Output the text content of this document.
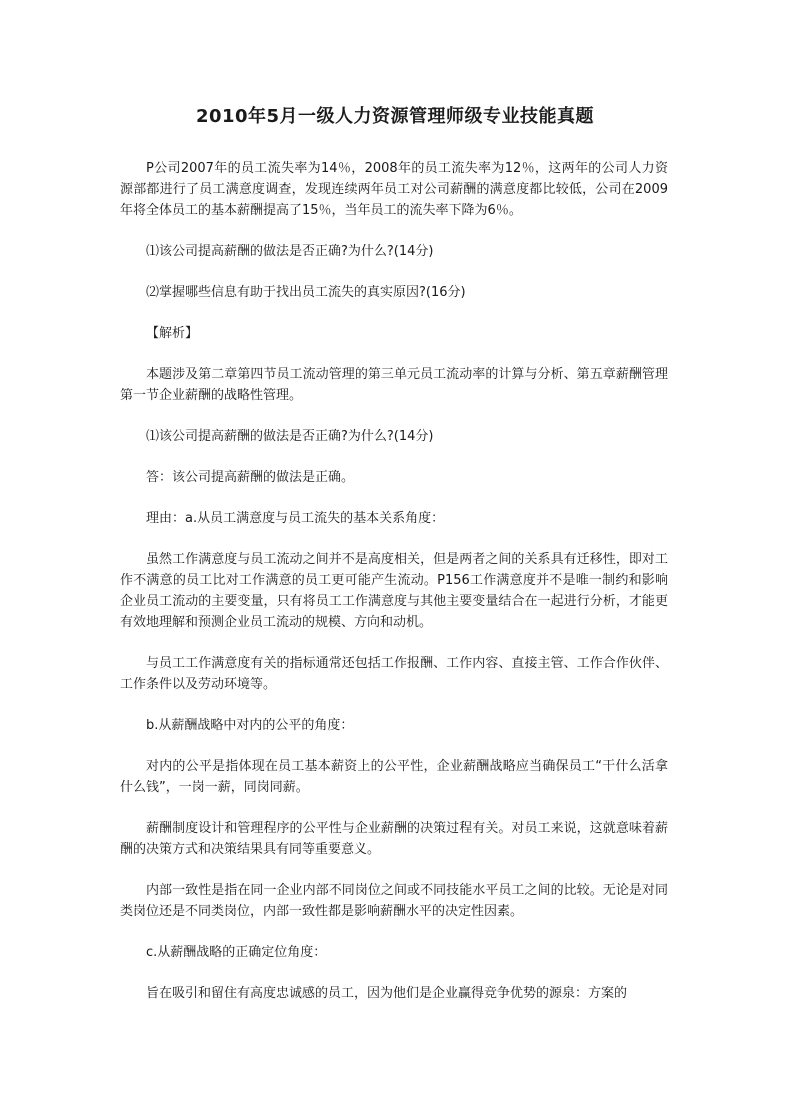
2010年5月一级人力资源管理师级专业技能真题

P公司2007年的员工流失率为14％，2008年的员工流失率为12％，这两年的公司人力资源部都进行了员工满意度调查，发现连续两年员工对公司薪酬的满意度都比较低，公司在2009年将全体员工的基本薪酬提高了15％，当年员工的流失率下降为6％。

⑴该公司提高薪酬的做法是否正确?为什么?(14分)

⑵掌握哪些信息有助于找出员工流失的真实原因?(16分)

【解析】

本题涉及第二章第四节员工流动管理的第三单元员工流动率的计算与分析、第五章薪酬管理第一节企业薪酬的战略性管理。

⑴该公司提高薪酬的做法是否正确?为什么?(14分)

答：该公司提高薪酬的做法是正确。

理由：a.从员工满意度与员工流失的基本关系角度：

虽然工作满意度与员工流动之间并不是高度相关，但是两者之间的关系具有迁移性，即对工作不满意的员工比对工作满意的员工更可能产生流动。P156工作满意度并不是唯一制约和影响企业员工流动的主要变量，只有将员工工作满意度与其他主要变量结合在一起进行分析，才能更有效地理解和预测企业员工流动的规模、方向和动机。

与员工工作满意度有关的指标通常还包括工作报酬、工作内容、直接主管、工作合作伙伴、工作条件以及劳动环境等。

b.从薪酬战略中对内的公平的角度：

对内的公平是指体现在员工基本薪资上的公平性，企业薪酬战略应当确保员工“干什么活拿什么钱”，一岗一薪，同岗同薪。

薪酬制度设计和管理程序的公平性与企业薪酬的决策过程有关。对员工来说，这就意味着薪酬的决策方式和决策结果具有同等重要意义。

内部一致性是指在同一企业内部不同岗位之间或不同技能水平员工之间的比较。无论是对同类岗位还是不同类岗位，内部一致性都是影响薪酬水平的决定性因素。

c.从薪酬战略的正确定位角度：

旨在吸引和留住有高度忠诚感的员工，因为他们是企业赢得竞争优势的源泉：方案的
